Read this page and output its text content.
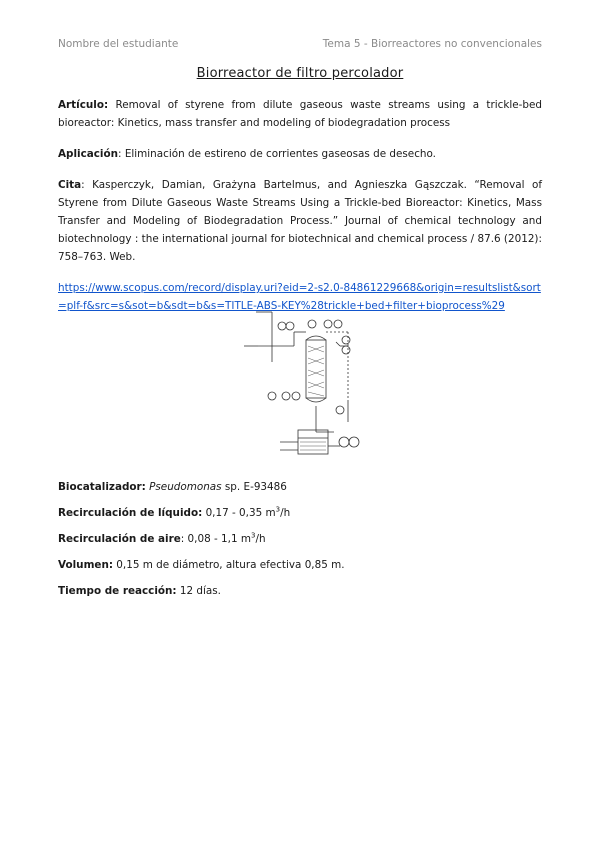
Nombre del estudiante	Tema 5 - Biorreactores no convencionales
Biorreactor de filtro percolador

Artículo: Removal of styrene from dilute gaseous waste streams using a trickle-bed bioreactor: Kinetics, mass transfer and modeling of biodegradation process

Aplicación: Eliminación de estireno de corrientes gaseosas de desecho.

Cita: Kasperczyk, Damian, Grażyna Bartelmus, and Agnieszka Gąszczak. “Removal of Styrene from Dilute Gaseous Waste Streams Using a Trickle-bed Bioreactor: Kinetics, Mass Transfer and Modeling of Biodegradation Process.” Journal of chemical technology and biotechnology : the international journal for biotechnical and chemical process / 87.6 (2012): 758–763. Web.

https://www.scopus.com/record/display.uri?eid=2-s2.0-84861229668&origin=resultslist&sort=plf-f&src=s&sot=b&sdt=b&s=TITLE-ABS-KEY%28trickle+bed+filter+bioprocess%29

Biocatalizador: Pseudomonas sp. E-93486

Recirculación de líquido: 0,17 - 0,35 $m^3/h$

Recirculación de aire: 0,08 - 1,1 $m^3/h$

Volumen: 0,15 m de diámetro, altura efectiva 0,85 m.

Tiempo de reacción: 12 días.
